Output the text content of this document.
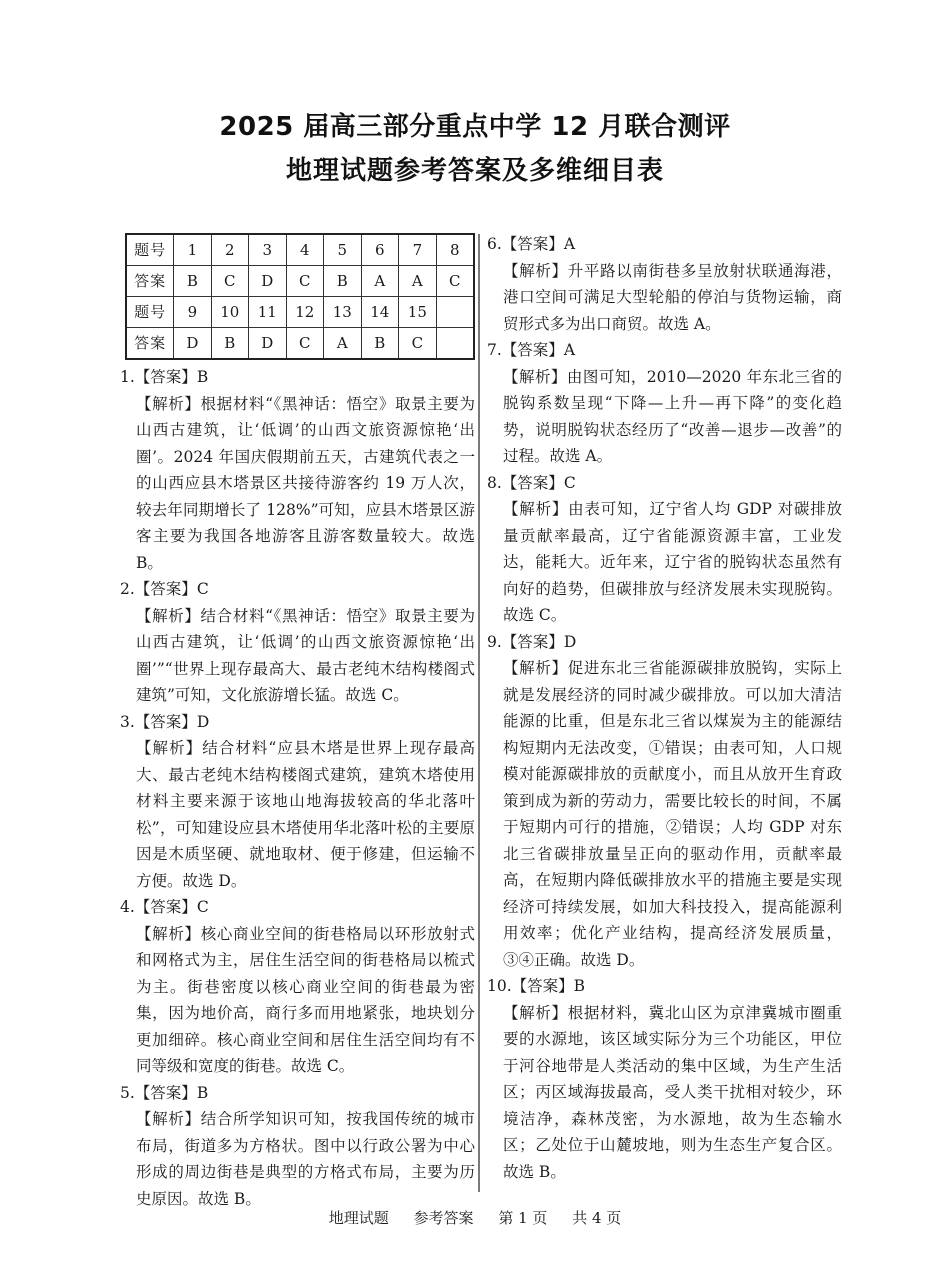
2025 届高三部分重点中学 12 月联合测评
地理试题参考答案及多维细目表
题号	1	2	3	4	5	6	7	8
答案	B	C	D	C	B	A	A	C
题号	9	10	11	12	13	14	15	
答案	D	B	D	C	A	B	C	
1.【答案】B
【解析】根据材料“《黑神话：悟空》取景主要为山西古建筑，让‘低调’的山西文旅资源惊艳‘出圈’。2024 年国庆假期前五天，古建筑代表之一的山西应县木塔景区共接待游客约 19 万人次，较去年同期增长了 128%”可知，应县木塔景区游客主要为我国各地游客且游客数量较大。故选 B。
2.【答案】C
【解析】结合材料“《黑神话：悟空》取景主要为山西古建筑，让‘低调’的山西文旅资源惊艳‘出圈’”“世界上现存最高大、最古老纯木结构楼阁式建筑”可知，文化旅游增长猛。故选 C。
3.【答案】D
【解析】结合材料“应县木塔是世界上现存最高大、最古老纯木结构楼阁式建筑，建筑木塔使用材料主要来源于该地山地海拔较高的华北落叶松”，可知建设应县木塔使用华北落叶松的主要原因是木质坚硬、就地取材、便于修建，但运输不方便。故选 D。
4.【答案】C
【解析】核心商业空间的街巷格局以环形放射式和网格式为主，居住生活空间的街巷格局以梳式为主。街巷密度以核心商业空间的街巷最为密集，因为地价高，商行多而用地紧张，地块划分更加细碎。核心商业空间和居住生活空间均有不同等级和宽度的街巷。故选 C。
5.【答案】B
【解析】结合所学知识可知，按我国传统的城市布局，街道多为方格状。图中以行政公署为中心形成的周边街巷是典型的方格式布局，主要为历史原因。故选 B。
6.【答案】A
【解析】升平路以南街巷多呈放射状联通海港，港口空间可满足大型轮船的停泊与货物运输，商贸形式多为出口商贸。故选 A。
7.【答案】A
【解析】由图可知，2010—2020 年东北三省的脱钩系数呈现“下降—上升—再下降”的变化趋势，说明脱钩状态经历了“改善—退步—改善”的过程。故选 A。
8.【答案】C
【解析】由表可知，辽宁省人均 GDP 对碳排放量贡献率最高，辽宁省能源资源丰富，工业发达，能耗大。近年来，辽宁省的脱钩状态虽然有向好的趋势，但碳排放与经济发展未实现脱钩。故选 C。
9.【答案】D
【解析】促进东北三省能源碳排放脱钩，实际上就是发展经济的同时减少碳排放。可以加大清洁能源的比重，但是东北三省以煤炭为主的能源结构短期内无法改变，①错误；由表可知，人口规模对能源碳排放的贡献度小，而且从放开生育政策到成为新的劳动力，需要比较长的时间，不属于短期内可行的措施，②错误；人均 GDP 对东北三省碳排放量呈正向的驱动作用，贡献率最高，在短期内降低碳排放水平的措施主要是实现经济可持续发展，如加大科技投入，提高能源利用效率；优化产业结构，提高经济发展质量，③④正确。故选 D。
10.【答案】B
【解析】根据材料，冀北山区为京津冀城市圈重要的水源地，该区域实际分为三个功能区，甲位于河谷地带是人类活动的集中区域，为生产生活区；丙区域海拔最高，受人类干扰相对较少，环境洁净，森林茂密，为水源地，故为生态输水区；乙处位于山麓坡地，则为生态生产复合区。故选 B。
地理试题 参考答案 第 1 页 共 4 页
